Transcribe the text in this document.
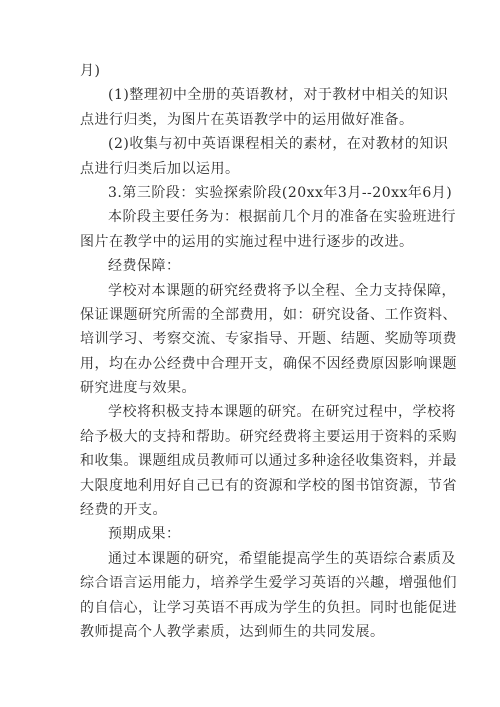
月)
(1)整理初中全册的英语教材，对于教材中相关的知识
点进行归类，为图片在英语教学中的运用做好准备。
(2)收集与初中英语课程相关的素材，在对教材的知识
点进行归类后加以运用。
3.第三阶段：实验探索阶段(20xx年3月--20xx年6月)
本阶段主要任务为：根据前几个月的准备在实验班进行
图片在教学中的运用的实施过程中进行逐步的改进。
经费保障：
学校对本课题的研究经费将予以全程、全力支持保障，
保证课题研究所需的全部费用，如：研究设备、工作资料、
培训学习、考察交流、专家指导、开题、结题、奖励等项费
用，均在办公经费中合理开支，确保不因经费原因影响课题
研究进度与效果。
学校将积极支持本课题的研究。在研究过程中，学校将
给予极大的支持和帮助。研究经费将主要运用于资料的采购
和收集。课题组成员教师可以通过多种途径收集资料，并最
大限度地利用好自己已有的资源和学校的图书馆资源，节省
经费的开支。
预期成果：
通过本课题的研究，希望能提高学生的英语综合素质及
综合语言运用能力，培养学生爱学习英语的兴趣，增强他们
的自信心，让学习英语不再成为学生的负担。同时也能促进
教师提高个人教学素质，达到师生的共同发展。
